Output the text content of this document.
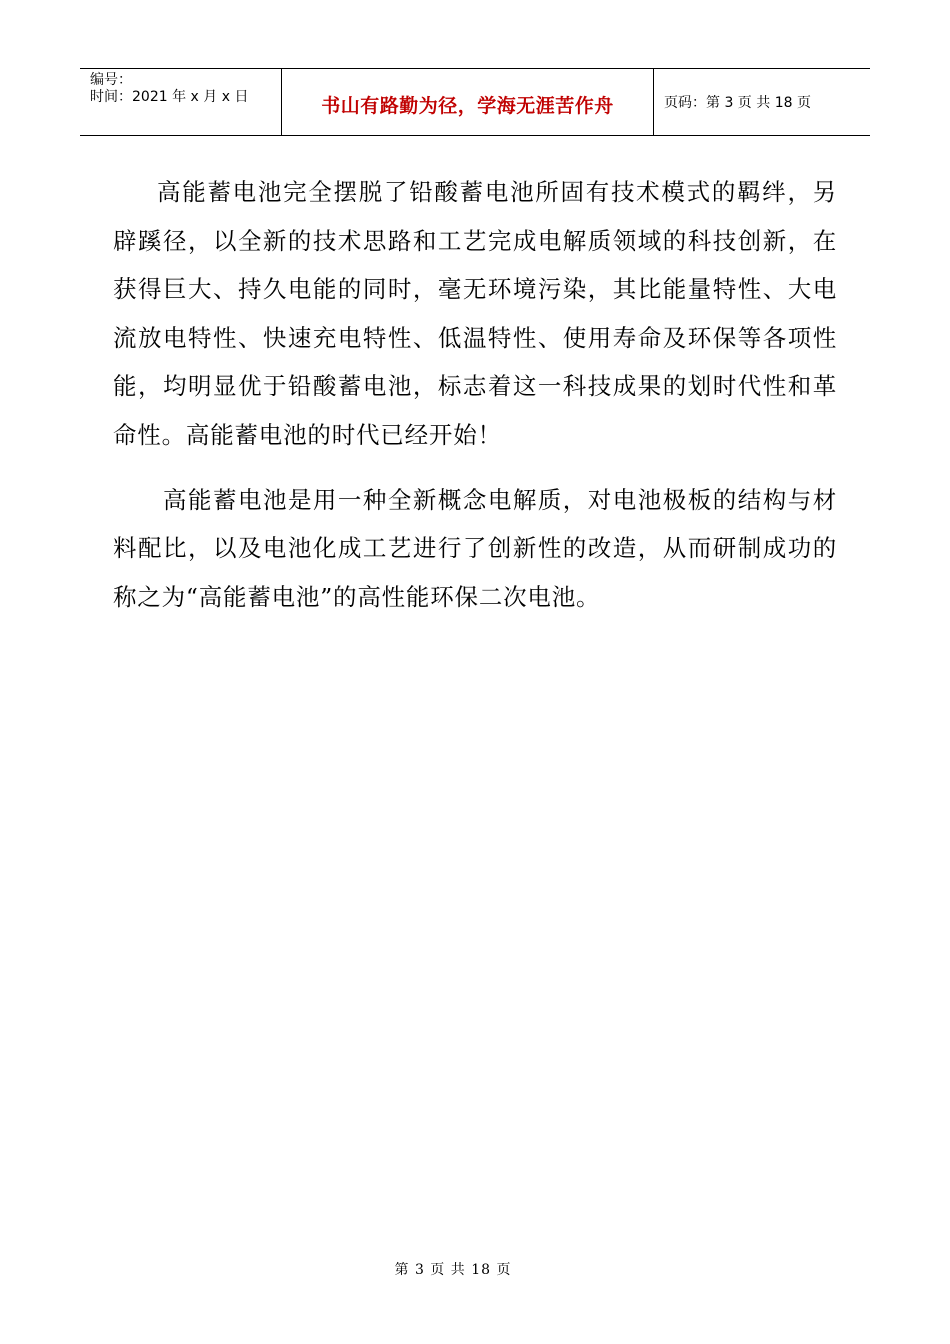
编号：
时间：2021 年 x 月 x 日	书山有路勤为径，学海无涯苦作舟	页码：第 3 页 共 18 页

高能蓄电池完全摆脱了铅酸蓄电池所固有技术模式的羁绊，另辟蹊径，以全新的技术思路和工艺完成电解质领域的科技创新，在获得巨大、持久电能的同时，毫无环境污染，其比能量特性、大电流放电特性、快速充电特性、低温特性、使用寿命及环保等各项性能，均明显优于铅酸蓄电池，标志着这一科技成果的划时代性和革命性。高能蓄电池的时代已经开始！

高能蓄电池是用一种全新概念电解质，对电池极板的结构与材料配比，以及电池化成工艺进行了创新性的改造，从而研制成功的称之为“高能蓄电池”的高性能环保二次电池。

第 3 页 共 18 页
